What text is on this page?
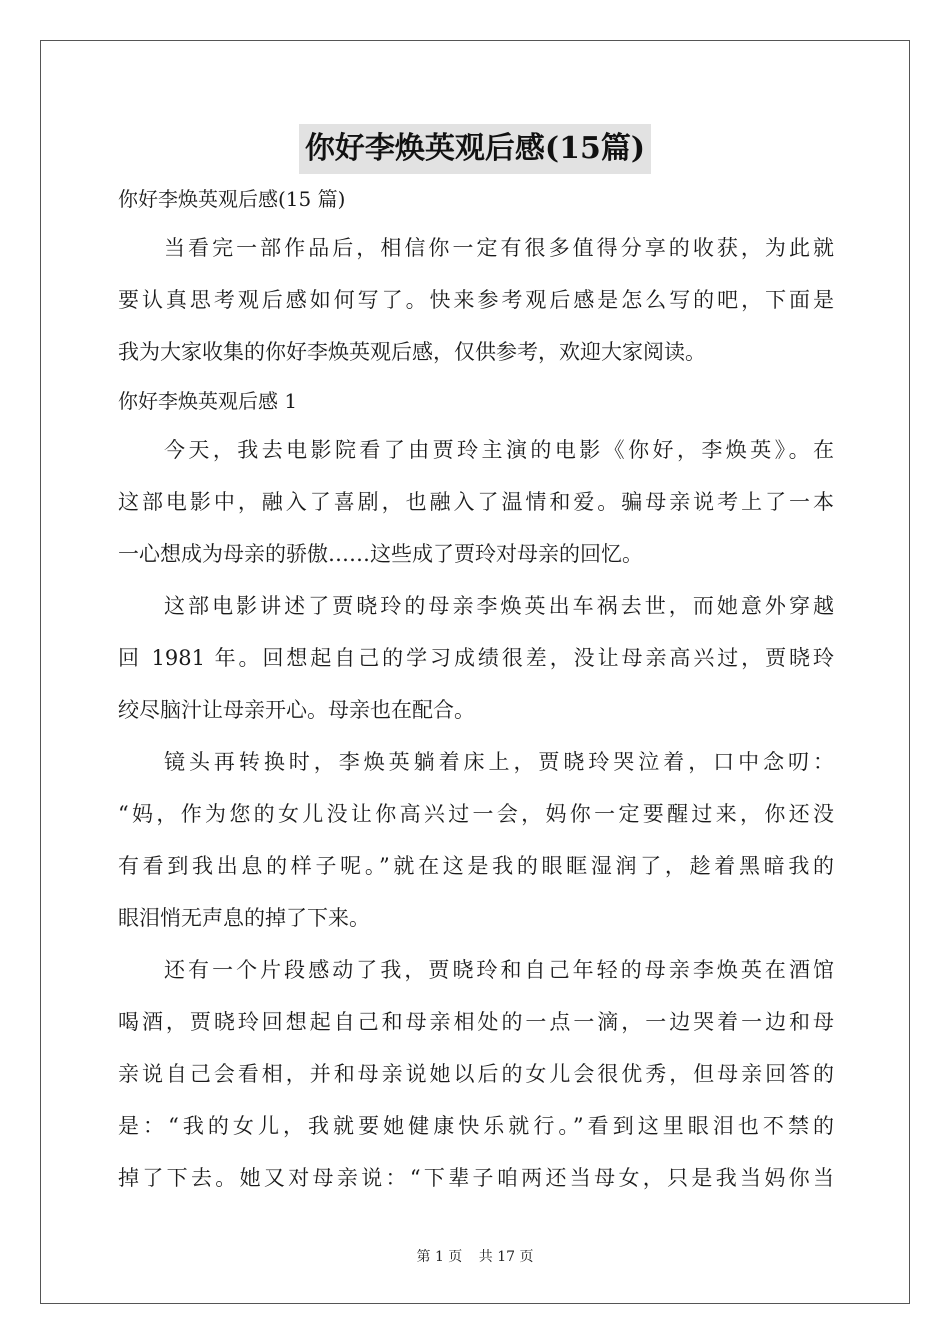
你好李焕英观后感(15篇)

你好李焕英观后感(15 篇)

当看完一部作品后，相信你一定有很多值得分享的收获，为此就

要认真思考观后感如何写了。快来参考观后感是怎么写的吧，下面是

我为大家收集的你好李焕英观后感，仅供参考，欢迎大家阅读。

你好李焕英观后感 1

今天，我去电影院看了由贾玲主演的电影《你好，李焕英》。在

这部电影中，融入了喜剧，也融入了温情和爱。骗母亲说考上了一本

一心想成为母亲的骄傲……这些成了贾玲对母亲的回忆。

这部电影讲述了贾晓玲的母亲李焕英出车祸去世，而她意外穿越

回 1981 年。回想起自己的学习成绩很差，没让母亲高兴过，贾晓玲

绞尽脑汁让母亲开心。母亲也在配合。

镜头再转换时，李焕英躺着床上，贾晓玲哭泣着，口中念叨：

“妈，作为您的女儿没让你高兴过一会，妈你一定要醒过来，你还没

有看到我出息的样子呢。”就在这是我的眼眶湿润了，趁着黑暗我的

眼泪悄无声息的掉了下来。

还有一个片段感动了我，贾晓玲和自己年轻的母亲李焕英在酒馆

喝酒，贾晓玲回想起自己和母亲相处的一点一滴，一边哭着一边和母

亲说自己会看相，并和母亲说她以后的女儿会很优秀，但母亲回答的

是：“我的女儿，我就要她健康快乐就行。”看到这里眼泪也不禁的

掉了下去。她又对母亲说：“下辈子咱两还当母女，只是我当妈你当

第 1 页 共 17 页
